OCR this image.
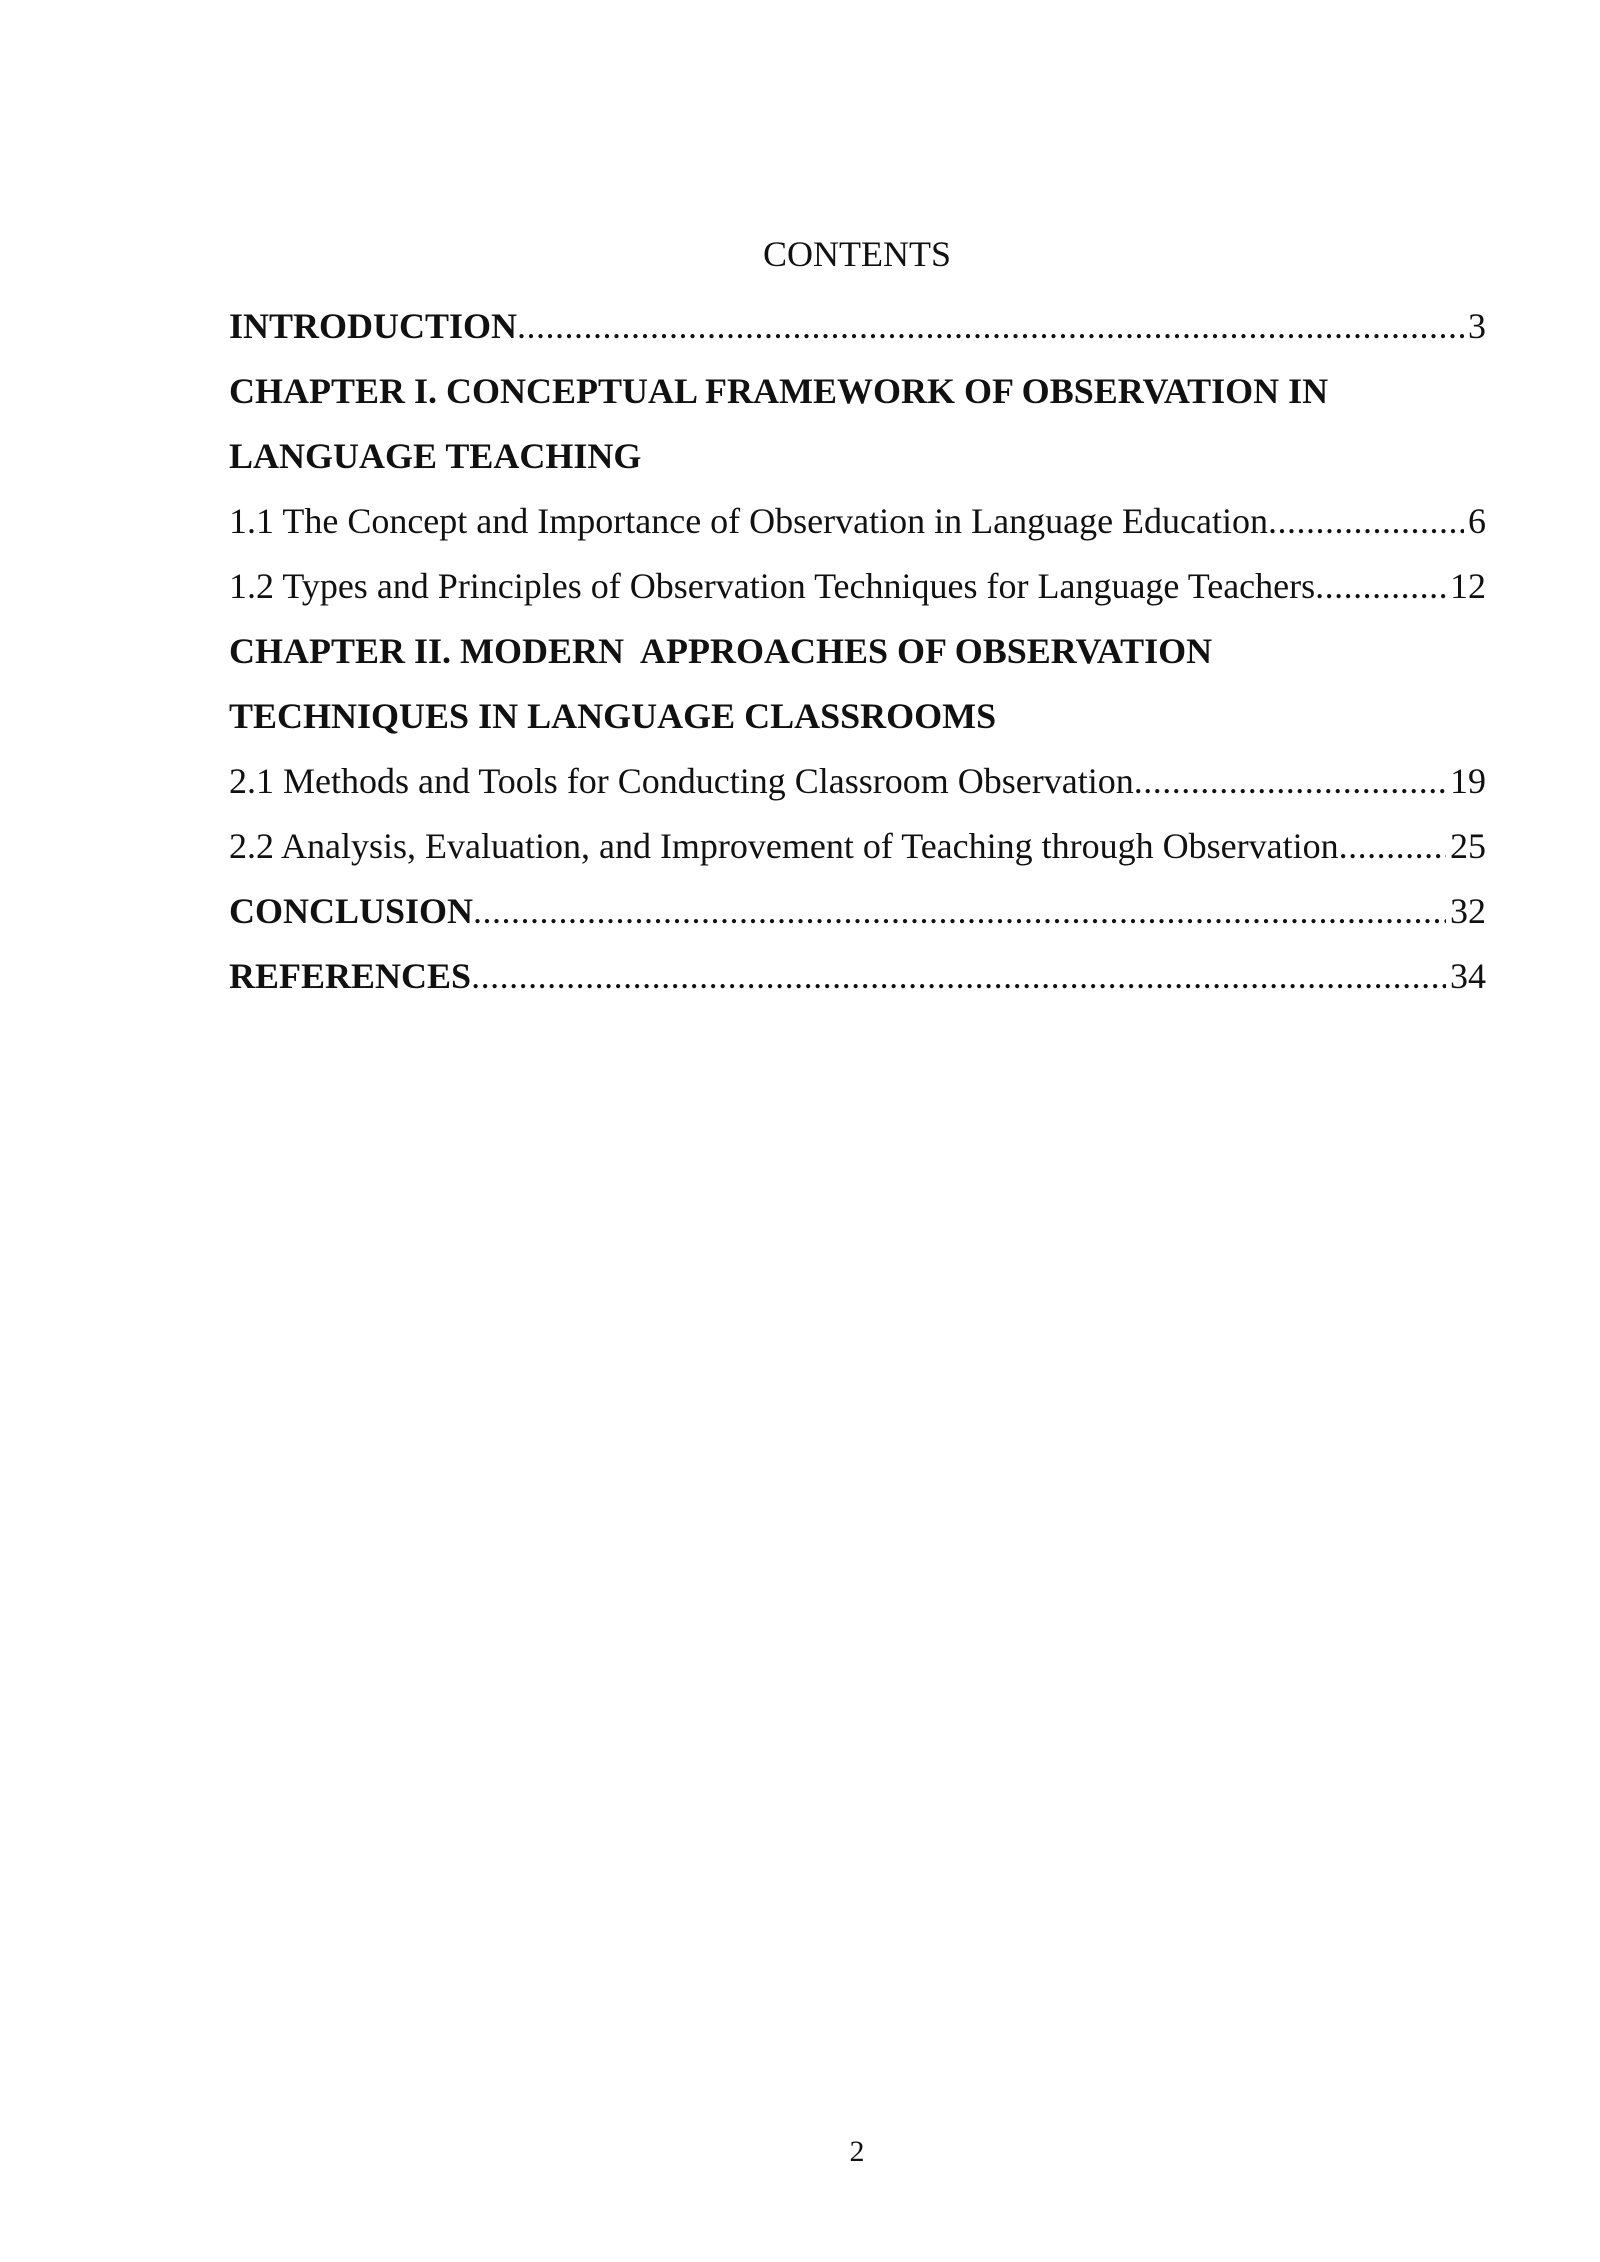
CONTENTS
INTRODUCTION .....	3
CHAPTER I. CONCEPTUAL FRAMEWORK OF OBSERVATION IN
LANGUAGE TEACHING
1.1 The Concept and Importance of Observation in Language Education .....	6
1.2 Types and Principles of Observation Techniques for Language Teachers .....	12
CHAPTER II. MODERN  APPROACHES OF OBSERVATION
TECHNIQUES IN LANGUAGE CLASSROOMS
2.1 Methods and Tools for Conducting Classroom Observation .....	19
2.2 Analysis, Evaluation, and Improvement of Teaching through Observation .....	25
CONCLUSION .....	32
REFERENCES .....	34
2
